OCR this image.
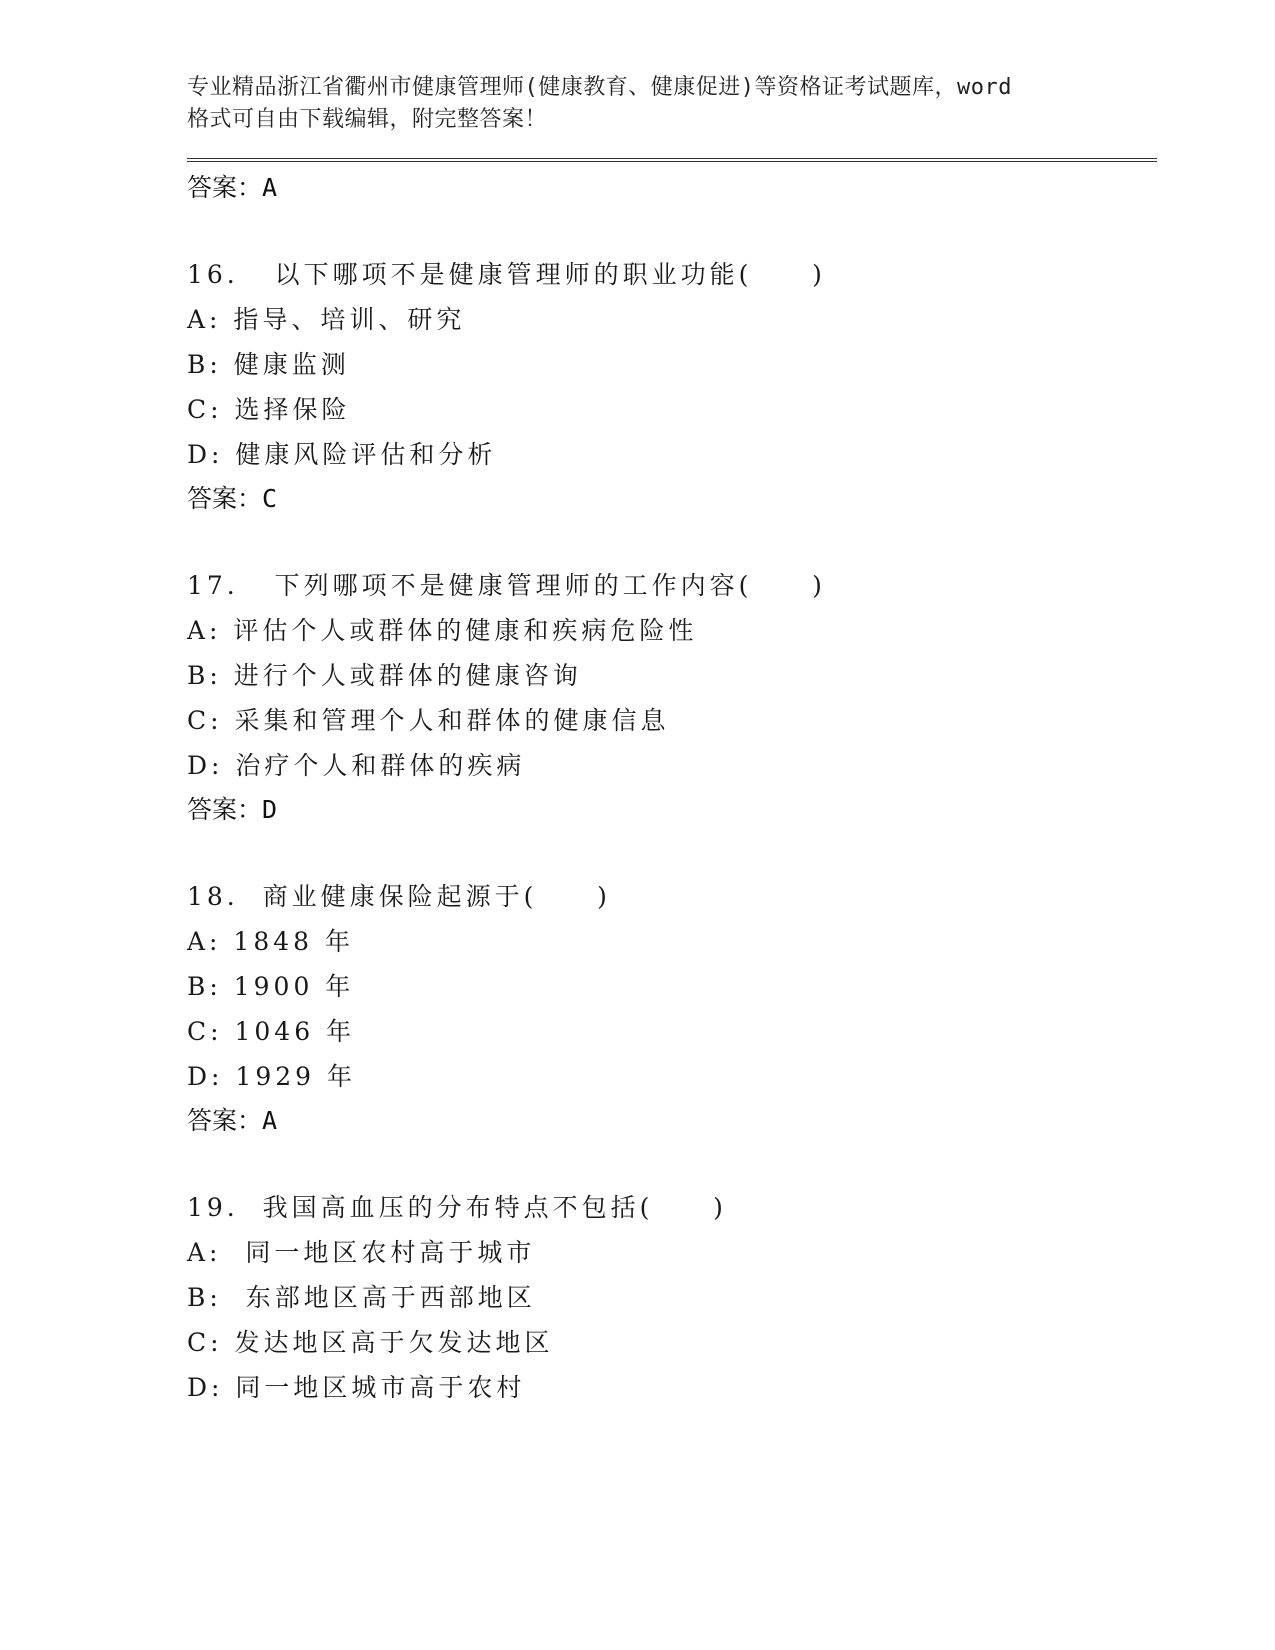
专业精品浙江省衢州市健康管理师(健康教育、健康促进)等资格证考试题库，word
格式可自由下载编辑，附完整答案！
答案：A
16.   以下哪项不是健康管理师的职业功能(     )
A: 指导、培训、研究
B: 健康监测
C: 选择保险
D: 健康风险评估和分析
答案：C
17.   下列哪项不是健康管理师的工作内容(     )
A: 评估个人或群体的健康和疾病危险性
B: 进行个人或群体的健康咨询
C: 采集和管理个人和群体的健康信息
D: 治疗个人和群体的疾病
答案：D
18.  商业健康保险起源于(     )
A: 1848 年
B: 1900 年
C: 1046 年
D: 1929 年
答案：A
19.  我国高血压的分布特点不包括(     )
A:  同一地区农村高于城市
B:  东部地区高于西部地区
C: 发达地区高于欠发达地区
D: 同一地区城市高于农村
